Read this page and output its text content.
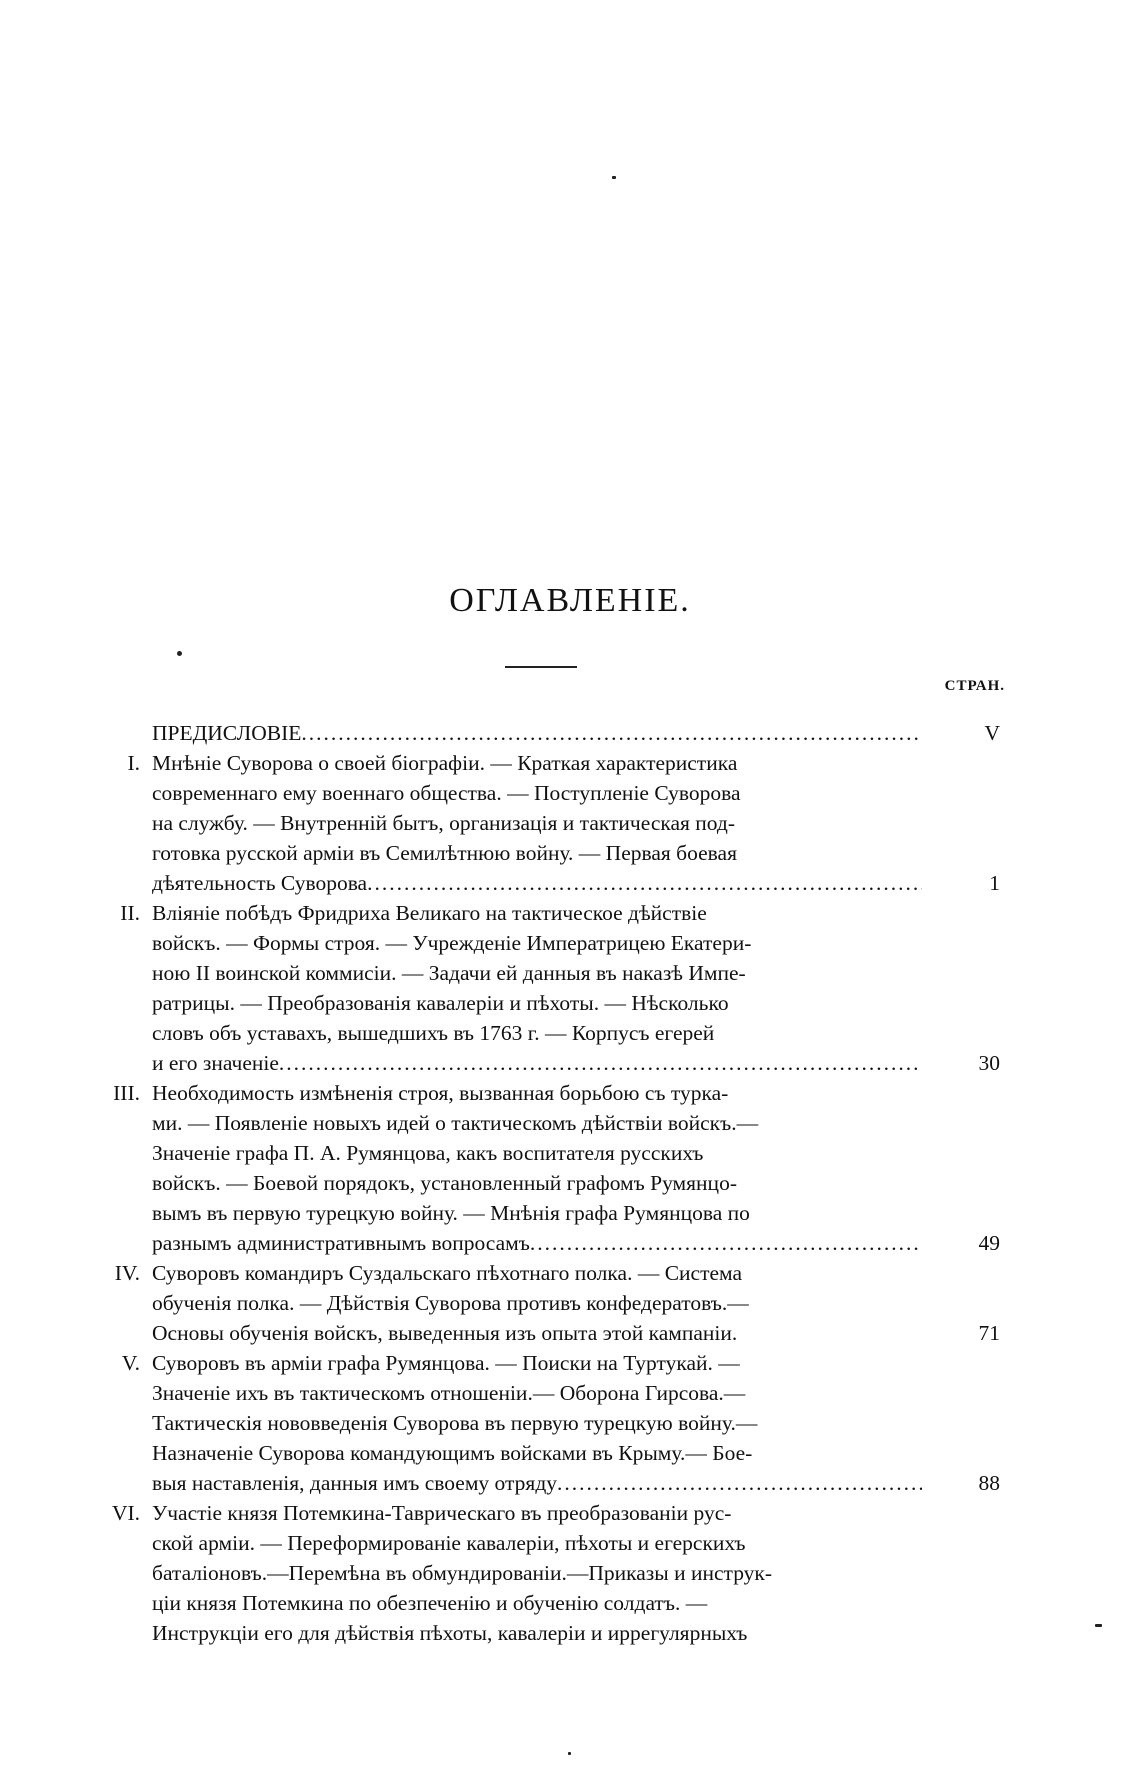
ОГЛАВЛЕНІЕ.
СТРАН.
ПРЕДИСЛОВІЕ .....	V
I. Мнѣніе Суворова о своей біографіи. — Краткая характеристика
современнаго ему военнаго общества. — Поступленіе Суворова
на службу. — Внутренній бытъ, организація и тактическая под-
готовка русской арміи въ Семилѣтнюю войну. — Первая боевая
дѣятельность Суворова .....	1
II. Вліяніе побѣдъ Фридриха Великаго на тактическое дѣйствіе
войскъ. — Формы строя. — Учрежденіе Императрицею Екатери-
ною II воинской коммисіи. — Задачи ей данныя въ наказѣ Импе-
ратрицы. — Преобразованія кавалеріи и пѣхоты. — Нѣсколько
словъ объ уставахъ, вышедшихъ въ 1763 г. — Корпусъ егерей
и его значеніе .....	30
III. Необходимость измѣненія строя, вызванная борьбою съ турка-
ми. — Появленіе новыхъ идей о тактическомъ дѣйствіи войскъ.—
Значеніе графа П. А. Румянцова, какъ воспитателя русскихъ
войскъ. — Боевой порядокъ, установленный графомъ Румянцо-
вымъ въ первую турецкую войну. — Мнѣнія графа Румянцова по
разнымъ административнымъ вопросамъ .....	49
IV. Суворовъ командиръ Суздальскаго пѣхотнаго полка. — Система
обученія полка. — Дѣйствія Суворова противъ конфедератовъ.—
Основы обученія войскъ, выведенныя изъ опыта этой кампаніи.	71
V. Суворовъ въ арміи графа Румянцова. — Поиски на Туртукай. —
Значеніе ихъ въ тактическомъ отношеніи.— Оборона Гирсова.—
Тактическія нововведенія Суворова въ первую турецкую войну.—
Назначеніе Суворова командующимъ войсками въ Крыму.— Бое-
выя наставленія, данныя имъ своему отряду .....	88
VI. Участіе князя Потемкина-Таврическаго въ преобразованіи рус-
ской арміи. — Переформированіе кавалеріи, пѣхоты и егерскихъ
баталіоновъ.—Перемѣна въ обмундированіи.—Приказы и инструк-
ціи князя Потемкина по обезпеченію и обученію солдатъ. —
Инструкціи его для дѣйствія пѣхоты, кавалеріи и иррегулярныхъ
